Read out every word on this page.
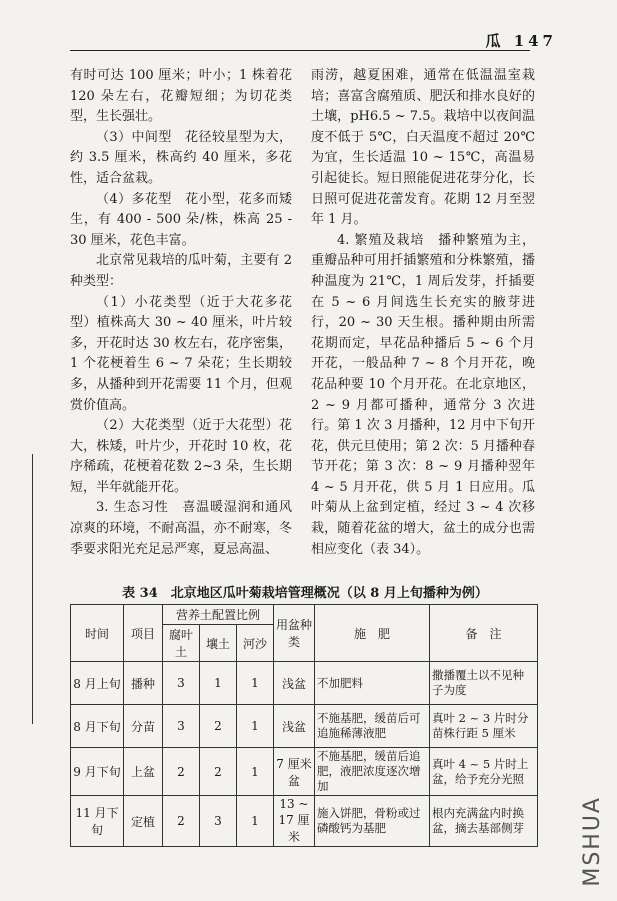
瓜 147

有时可达 100 厘米；叶小；1 株着花 120 朵左右，花瓣短细；为切花类型，生长强壮。

（3）中间型　花径较星型为大，约 3.5 厘米，株高约 40 厘米，多花性，适合盆栽。

（4）多花型　花小型，花多而矮生，有 400 - 500 朵/株，株高 25 - 30 厘米，花色丰富。

北京常见栽培的瓜叶菊，主要有 2 种类型：

（1）小花类型（近于大花多花型）植株高大 30 ~ 40 厘米，叶片较多，开花时达 30 枚左右，花序密集，1 个花梗着生 6 ~ 7 朵花；生长期较多，从播种到开花需要 11 个月，但观赏价值高。

（2）大花类型（近于大花型）花大，株矮，叶片少，开花时 10 枚，花序稀疏，花梗着花数 2~3 朵，生长期短，半年就能开花。

3. 生态习性　喜温暖湿润和通风凉爽的环境，不耐高温，亦不耐寒，冬季要求阳光充足忌严寒，夏忌高温、

雨涝，越夏困难，通常在低温温室栽培；喜富含腐殖质、肥沃和排水良好的土壤，pH6.5 ~ 7.5。栽培中以夜间温度不低于 5℃，白天温度不超过 20℃为宜，生长适温 10 ~ 15℃，高温易引起徒长。短日照能促进花芽分化，长日照可促进花蕾发育。花期 12 月至翌年 1 月。

4. 繁殖及栽培　播种繁殖为主，重瓣品种可用扦插繁殖和分株繁殖，播种温度为 21℃，1 周后发芽，扦插要在 5 ~ 6 月间选生长充实的腋芽进行，20 ~ 30 天生根。播种期由所需花期而定，早花品种播后 5 ~ 6 个月开花，一般品种 7 ~ 8 个月开花，晚花品种要 10 个月开花。在北京地区，2 ~ 9 月都可播种，通常分 3 次进行。第 1 次 3 月播种，12 月中下旬开花，供元旦使用；第 2 次：5 月播种春节开花；第 3 次：8 ~ 9 月播种翌年 4 ~ 5 月开花，供 5 月 1 日应用。瓜叶菊从上盆到定植，经过 3 ~ 4 次移栽，随着花盆的增大，盆土的成分也需相应变化（表 34）。

表 34　北京地区瓜叶菊栽培管理概况（以 8 月上旬播种为例）
时间	项目	营养土配置比例			用盆种类	施　肥	备　注
		腐叶土	壤土	河沙			
8 月上旬	播种	3	1	1	浅盆	不加肥料	撒播覆土以不见种子为度
8 月下旬	分苗	3	2	1	浅盆	不施基肥，缓苗后可追施稀薄液肥	真叶 2 ~ 3 片时分苗株行距 5 厘米
9 月下旬	上盆	2	2	1	7 厘米盆	不施基肥，缓苗后追肥，液肥浓度逐次增加	真叶 4 ~ 5 片时上盆，给予充分光照
11 月下旬	定植	2	3	1	13 ~ 17 厘米	施入饼肥，骨粉或过磷酸钙为基肥	根内充满盆内时换盆，摘去基部侧芽	MSHUA
